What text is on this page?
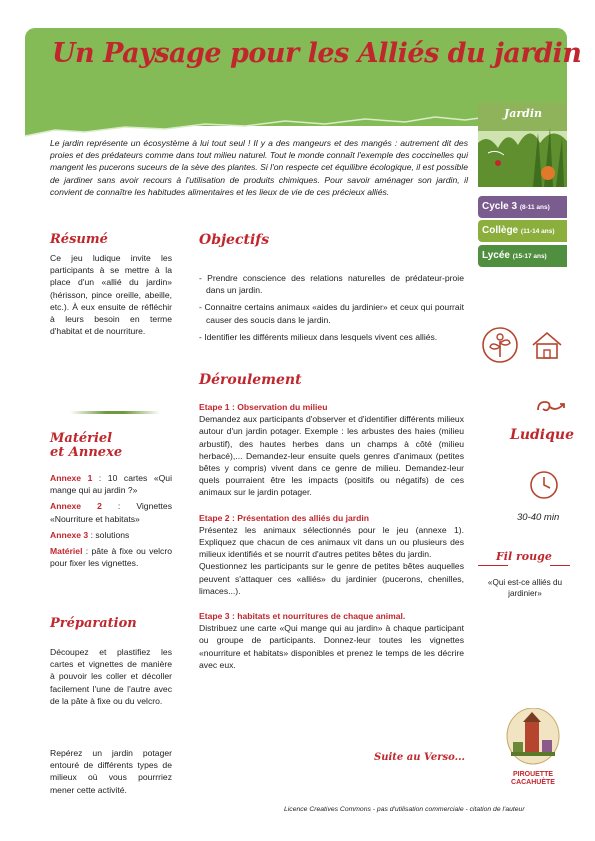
Un Paysage pour les Alliés du jardin
Le jardin représente un écosystème à lui tout seul ! Il y a des mangeurs et des mangés : autrement dit des proies et des prédateurs comme dans tout milieu naturel. Tout le monde connaît l'exemple des coccinelles qui mangent les pucerons suceurs de la sève des plantes. Si l'on respecte cet équilibre écologique, il est possible de jardiner sans avoir recours à l'utilisation de produits chimiques. Pour savoir aménager son jardin, il convient de connaître les habitudes alimentaires et les lieux de vie de ces précieux alliés.
Résumé
Ce jeu ludique invite les participants à se mettre à la place d'un «allié du jardin» (hérisson, pince oreille, abeille, etc.). À eux ensuite de réfléchir à leurs besoin en terme d'habitat et de nourriture.
Matériel
et Annexe
Annexe 1 : 10 cartes «Qui mange qui au jardin ?»
Annexe 2 : Vignettes «Nourriture et habitats»
Annexe 3 : solutions
Matériel : pâte à fixe ou velcro pour fixer les vignettes.
Préparation
Découpez et plastifiez les cartes et vignettes de manière à pouvoir les coller et décoller facilement l'une de l'autre avec de la pâte à fixe ou du velcro.
Repérez un jardin potager entouré de différents types de milieux où vous pourrriez mener cette activité.
Objectifs

- Prendre conscience des relations naturelles de prédateur-proie dans un jardin.

- Connaitre certains animaux «aides du jardinier» et ceux qui pourrait causer des soucis dans le jardin.

- Identifier les différents milieux dans lesquels vivent ces alliés.

Déroulement
Etape 1 : Observation du milieu
Demandez aux participants d'observer et d'identifier différents milieux autour d'un jardin potager. Exemple : les arbustes des haies (milieu arbustif), des hautes herbes dans un champs à côté (milieu herbacé),... Demandez-leur ensuite quels genres d'animaux (petites bêtes y compris) vivent dans ce genre de milieu. Demandez-leur quels pourraient être les impacts (positifs ou négatifs) de ces animaux sur le jardin potager.
Etape 2 : Présentation des alliés du jardin
Présentez les animaux sélectionnés pour le jeu (annexe 1). Expliquez que chacun de ces animaux vit dans un ou plusieurs des milieux identifiés et se nourrit d'autres petites bêtes du jardin.
Questionnez les participants sur le genre de petites bêtes auquelles peuvent s'attaquer ces «alliés» du jardinier (pucerons, chenilles, limaces...).
Etape 3 : habitats et nourritures de chaque animal.
Distribuez une carte «Qui mange qui au jardin» à chaque participant ou groupe de participants. Donnez-leur toutes les vignettes «nourriture et habitats» disponibles et prenez le temps de les décrire avec eux.
Suite au Verso...
Jardin
Cycle 3 (8-11 ans)
Collège (11-14 ans)
Lycée (15-17 ans)
Ludique
30-40 min
Fil rouge
«Qui est-ce alliés du jardinier»
PIROUETTE
CACAHUÈTE
Licence Creatives Commons - pas d'utilisation commerciale - citation de l'auteur
